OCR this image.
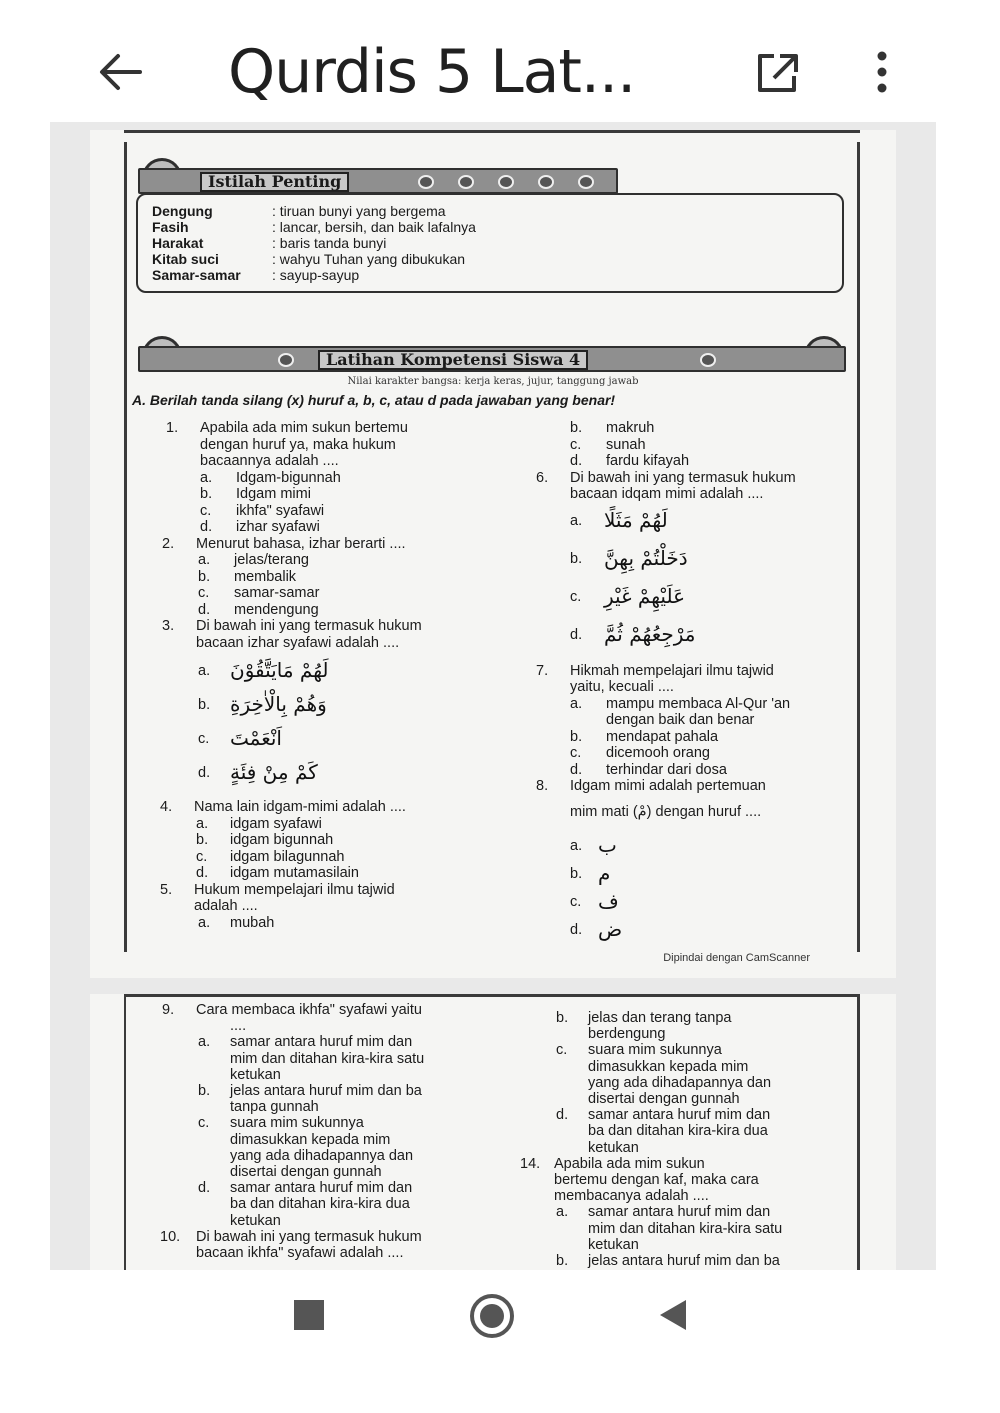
Qurdis 5 Lat...
Istilah Penting
Dengung	: tiruan bunyi yang bergema
Fasih	: lancar, bersih, dan baik lafalnya
Harakat	: baris tanda bunyi
Kitab suci	: wahyu Tuhan yang dibukukan
Samar-samar : sayup-sayup
Latihan Kompetensi Siswa 4
Nilai karakter bangsa: kerja keras, jujur, tanggung jawab
A. Berilah tanda silang (x) huruf a, b, c, atau d pada jawaban yang benar!
1. Apabila ada mim sukun bertemu
dengan huruf ya, maka hukum
bacaannya adalah ....
a. Idgam-bigunnah
b. Idgam mimi
c. ikhfa" syafawi
d. izhar syafawi
2. Menurut bahasa, izhar berarti ....
a. jelas/terang
b. membalik
c. samar-samar
d. mendengung
3. Di bawah ini yang termasuk hukum
bacaan izhar syafawi adalah ....
a. لَهُمْ مَايَتَّقُوْنَ
b. وَهُمْ بِالْاٰخِرَةِ
c. اَنْعَمْتَ
d. كَمْ مِنْ فِئَةٍ
4. Nama lain idgam-mimi adalah ....
a. idgam syafawi
b. idgam bigunnah
c. idgam bilagunnah
d. idgam mutamasilain
5. Hukum mempelajari ilmu tajwid
adalah ....
a. mubah
b. makruh
c. sunah
d. fardu kifayah
6. Di bawah ini yang termasuk hukum
bacaan idqam mimi adalah ....
a. لَهُمْ مَثَلًا
b. دَخَلْتُمْ بِهِنَّ
c. عَلَيْهِمْ غَيْرِ
d. مَرْجِعُهُمْ ثُمَّ
7. Hikmah mempelajari ilmu tajwid
yaitu, kecuali ....
a. mampu membaca Al-Qur 'an
dengan baik dan benar
b. mendapat pahala
c. dicemooh orang
d. terhindar dari dosa
8. Idgam mimi adalah pertemuan
mim mati (مْ) dengan huruf ....
a. ب
b. م
c. ف
d. ض
Dipindai dengan CamScanner
9. Cara membaca ikhfa" syafawi yaitu
....
a. samar antara huruf mim dan
mim dan ditahan kira-kira satu
ketukan
b. jelas antara huruf mim dan ba
tanpa gunnah
c. suara mim sukunnya
dimasukkan kepada mim
yang ada dihadapannya dan
disertai dengan gunnah
d. samar antara huruf mim dan
ba dan ditahan kira-kira dua
ketukan
10. Di bawah ini yang termasuk hukum
bacaan ikhfa" syafawi adalah ....
b. jelas dan terang tanpa
berdengung
c. suara mim sukunnya
dimasukkan kepada mim
yang ada dihadapannya dan
disertai dengan gunnah
d. samar antara huruf mim dan
ba dan ditahan kira-kira dua
ketukan
14. Apabila ada mim sukun
bertemu dengan kaf, maka cara
membacanya adalah ....
a. samar antara huruf mim dan
mim dan ditahan kira-kira satu
ketukan
b. jelas antara huruf mim dan ba
